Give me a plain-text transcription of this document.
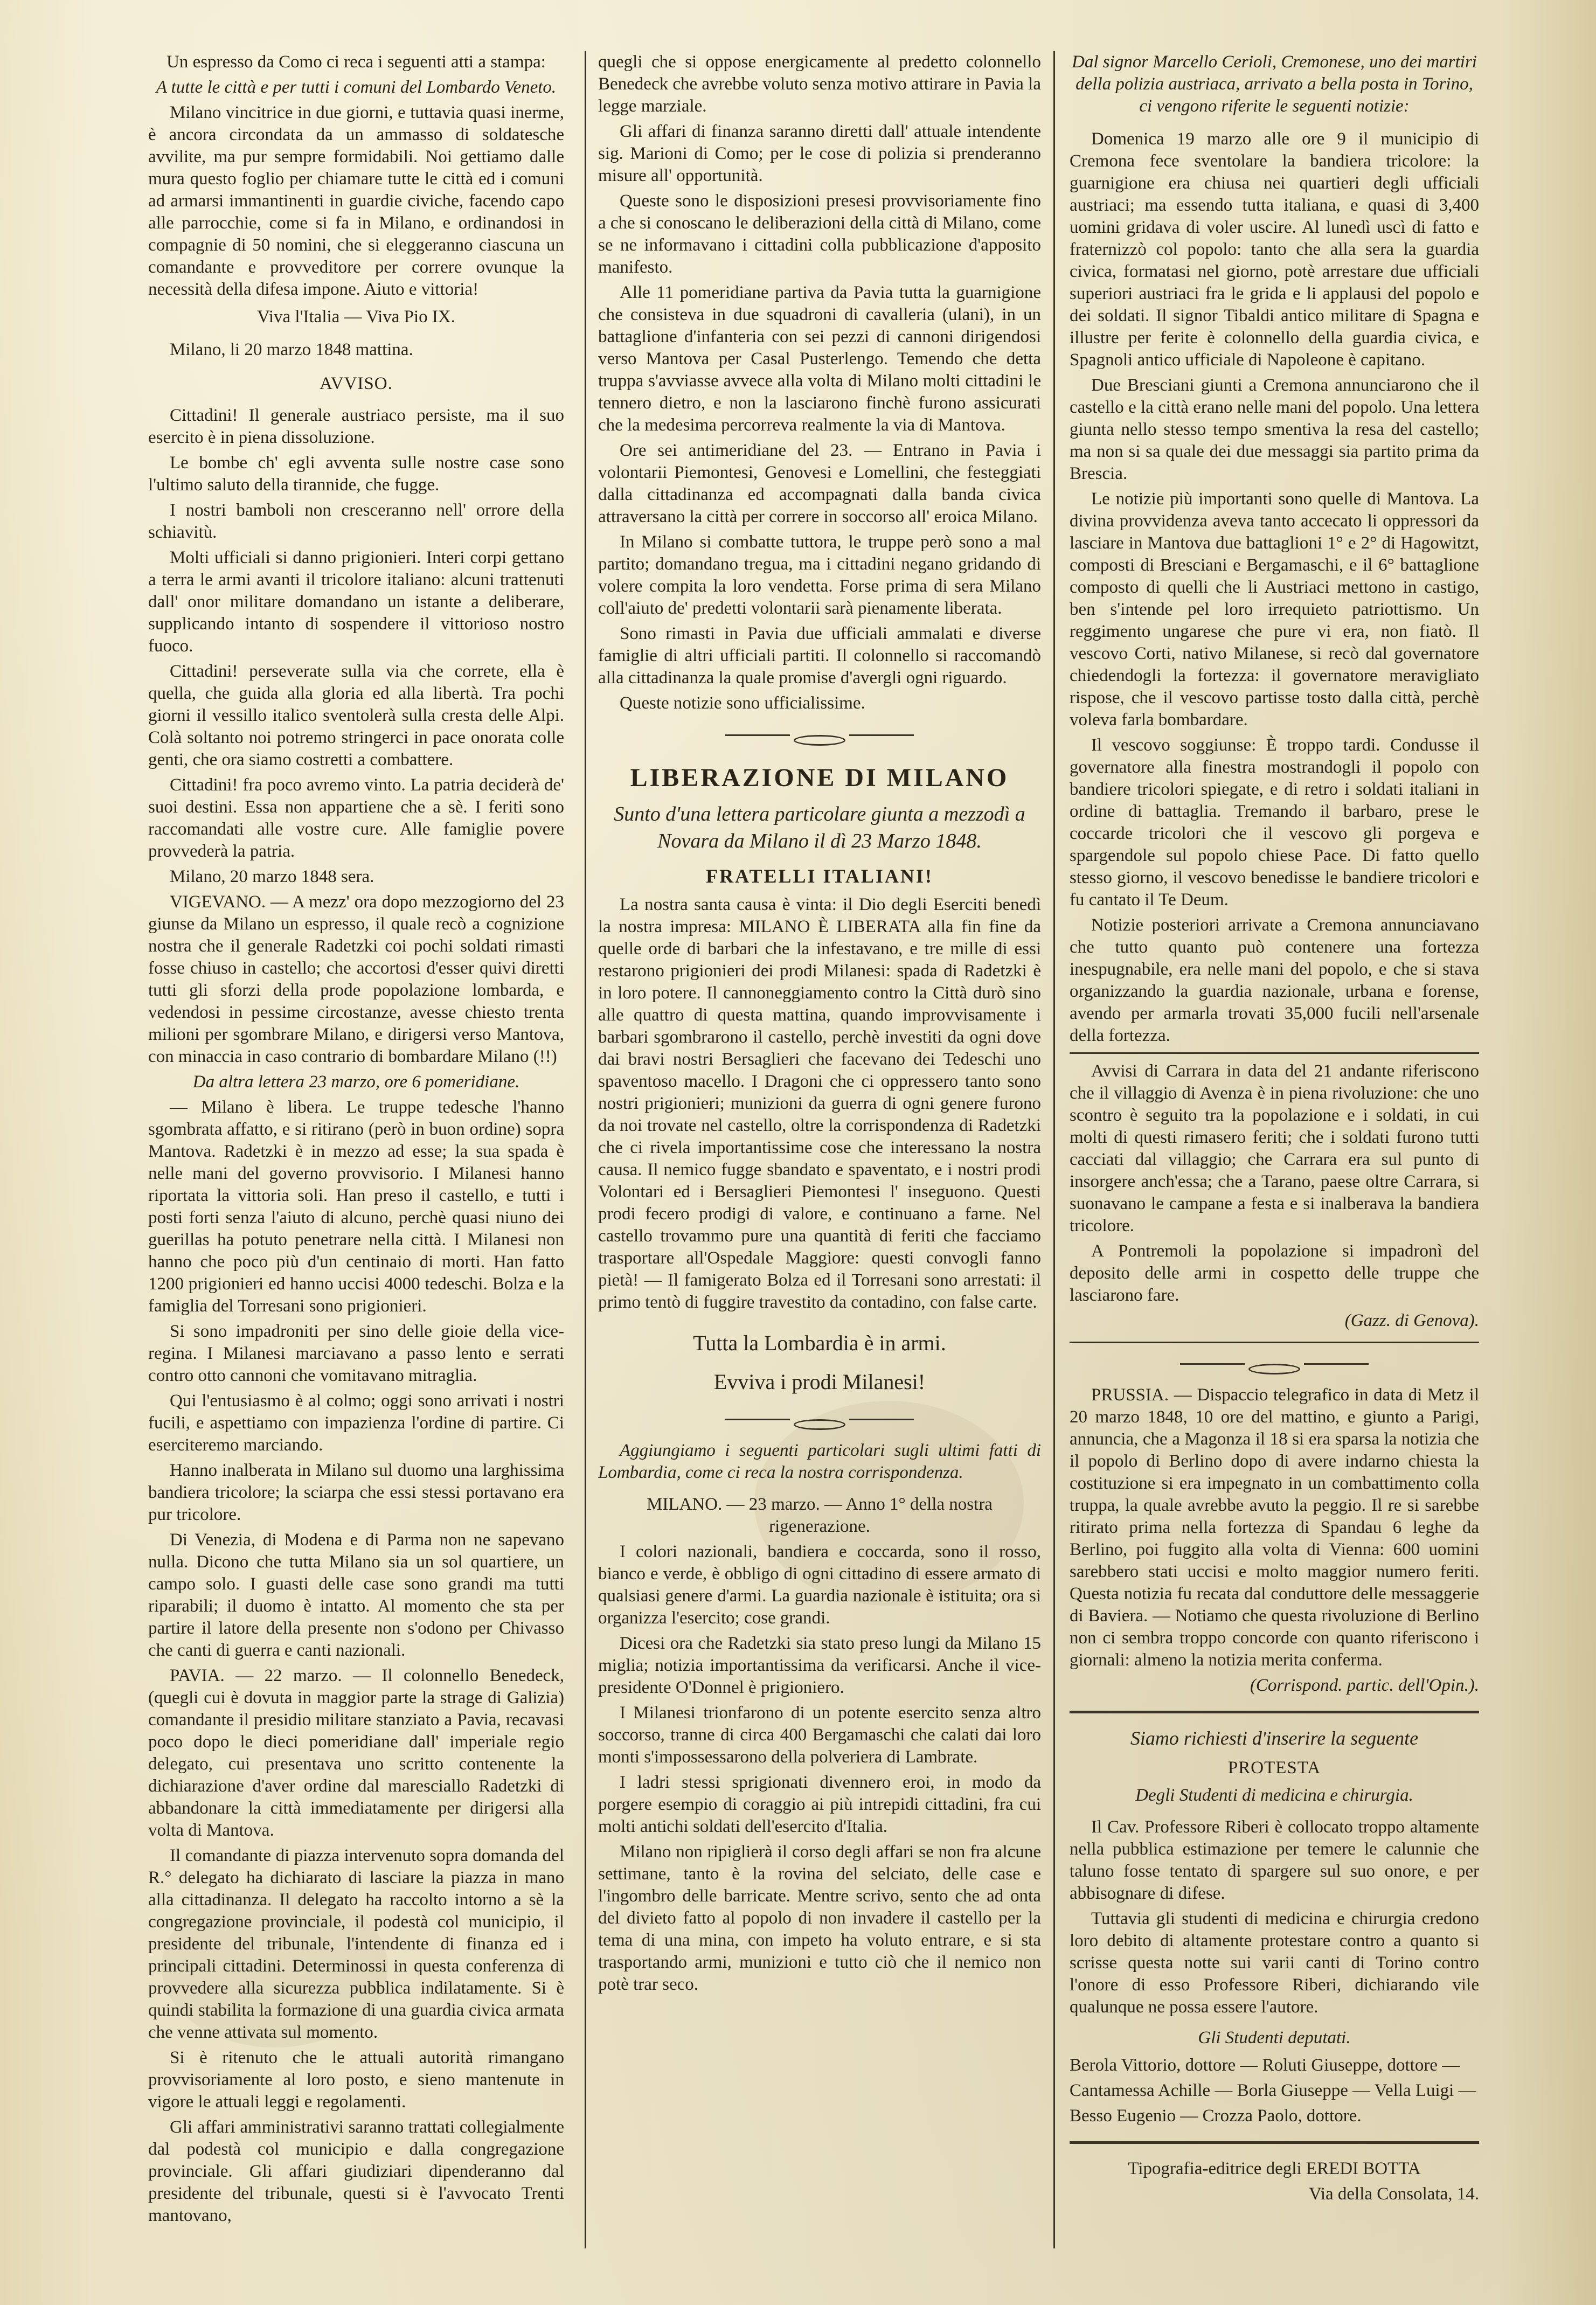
Un espresso da Como ci reca i seguenti atti a stampa:

A tutte le città e per tutti i comuni del Lombardo Veneto.

Milano vincitrice in due giorni, e tuttavia quasi inerme, è ancora circondata da un ammasso di soldatesche avvilite, ma pur sempre formidabili. Noi gettiamo dalle mura questo foglio per chiamare tutte le città ed i comuni ad armarsi immantinenti in guardie civiche, facendo capo alle parrocchie, come si fa in Milano, e ordinandosi in compagnie di 50 nomini, che si eleggeranno ciascuna un comandante e provveditore per correre ovunque la necessità della difesa impone. Aiuto e vittoria!

Viva l'Italia — Viva Pio IX.

Milano, li 20 marzo 1848 mattina.

AVVISO.

Cittadini! Il generale austriaco persiste, ma il suo esercito è in piena dissoluzione.

Le bombe ch' egli avventa sulle nostre case sono l'ultimo saluto della tirannide, che fugge.

I nostri bamboli non cresceranno nell' orrore della schiavitù.

Molti ufficiali si danno prigionieri. Interi corpi gettano a terra le armi avanti il tricolore italiano: alcuni trattenuti dall' onor militare domandano un istante a deliberare, supplicando intanto di sospendere il vittorioso nostro fuoco.

Cittadini! perseverate sulla via che correte, ella è quella, che guida alla gloria ed alla libertà. Tra pochi giorni il vessillo italico sventolerà sulla cresta delle Alpi. Colà soltanto noi potremo stringerci in pace onorata colle genti, che ora siamo costretti a combattere.

Cittadini! fra poco avremo vinto. La patria deciderà de' suoi destini. Essa non appartiene che a sè. I feriti sono raccomandati alle vostre cure. Alle famiglie povere provvederà la patria.

Milano, 20 marzo 1848 sera.

VIGEVANO. — A mezz' ora dopo mezzogiorno del 23 giunse da Milano un espresso, il quale recò a cognizione nostra che il generale Radetzki coi pochi soldati rimasti fosse chiuso in castello; che accortosi d'esser quivi diretti tutti gli sforzi della prode popolazione lombarda, e vedendosi in pessime circostanze, avesse chiesto trenta milioni per sgombrare Milano, e dirigersi verso Mantova, con minaccia in caso contrario di bombardare Milano (!!)

Da altra lettera 23 marzo, ore 6 pomeridiane.

— Milano è libera. Le truppe tedesche l'hanno sgombrata affatto, e si ritirano (però in buon ordine) sopra Mantova. Radetzki è in mezzo ad esse; la sua spada è nelle mani del governo provvisorio. I Milanesi hanno riportata la vittoria soli. Han preso il castello, e tutti i posti forti senza l'aiuto di alcuno, perchè quasi niuno dei guerillas ha potuto penetrare nella città. I Milanesi non hanno che poco più d'un centinaio di morti. Han fatto 1200 prigionieri ed hanno uccisi 4000 tedeschi. Bolza e la famiglia del Torresani sono prigionieri.

Si sono impadroniti per sino delle gioie della vice-regina. I Milanesi marciavano a passo lento e serrati contro otto cannoni che vomitavano mitraglia.

Qui l'entusiasmo è al colmo; oggi sono arrivati i nostri fucili, e aspettiamo con impazienza l'ordine di partire. Ci eserciteremo marciando.

Hanno inalberata in Milano sul duomo una larghissima bandiera tricolore; la sciarpa che essi stessi portavano era pur tricolore.

Di Venezia, di Modena e di Parma non ne sapevano nulla. Dicono che tutta Milano sia un sol quartiere, un campo solo. I guasti delle case sono grandi ma tutti riparabili; il duomo è intatto. Al momento che sta per partire il latore della presente non s'odono per Chivasso che canti di guerra e canti nazionali.

PAVIA. — 22 marzo. — Il colonnello Benedeck, (quegli cui è dovuta in maggior parte la strage di Galizia) comandante il presidio militare stanziato a Pavia, recavasi poco dopo le dieci pomeridiane dall' imperiale regio delegato, cui presentava uno scritto contenente la dichiarazione d'aver ordine dal maresciallo Radetzki di abbandonare la città immediatamente per dirigersi alla volta di Mantova.

Il comandante di piazza intervenuto sopra domanda del R.° delegato ha dichiarato di lasciare la piazza in mano alla cittadinanza. Il delegato ha raccolto intorno a sè la congregazione provinciale, il podestà col municipio, il presidente del tribunale, l'intendente di finanza ed i principali cittadini. Determinossi in questa conferenza di provvedere alla sicurezza pubblica indilatamente. Si è quindi stabilita la formazione di una guardia civica armata che venne attivata sul momento.

Si è ritenuto che le attuali autorità rimangano provvisoriamente al loro posto, e sieno mantenute in vigore le attuali leggi e regolamenti.

Gli affari amministrativi saranno trattati collegialmente dal podestà col municipio e dalla congregazione provinciale. Gli affari giudiziari dipenderanno dal presidente del tribunale, questi si è l'avvocato Trenti mantovano,

quegli che si oppose energicamente al predetto colonnello Benedeck che avrebbe voluto senza motivo attirare in Pavia la legge marziale.

Gli affari di finanza saranno diretti dall' attuale intendente sig. Marioni di Como; per le cose di polizia si prenderanno misure all' opportunità.

Queste sono le disposizioni presesi provvisoriamente fino a che si conoscano le deliberazioni della città di Milano, come se ne informavano i cittadini colla pubblicazione d'apposito manifesto.

Alle 11 pomeridiane partiva da Pavia tutta la guarnigione che consisteva in due squadroni di cavalleria (ulani), in un battaglione d'infanteria con sei pezzi di cannoni dirigendosi verso Mantova per Casal Pusterlengo. Temendo che detta truppa s'avviasse avvece alla volta di Milano molti cittadini le tennero dietro, e non la lasciarono finchè furono assicurati che la medesima percorreva realmente la via di Mantova.

Ore sei antimeridiane del 23. — Entrano in Pavia i volontarii Piemontesi, Genovesi e Lomellini, che festeggiati dalla cittadinanza ed accompagnati dalla banda civica attraversano la città per correre in soccorso all' eroica Milano.

In Milano si combatte tuttora, le truppe però sono a mal partito; domandano tregua, ma i cittadini negano gridando di volere compita la loro vendetta. Forse prima di sera Milano coll'aiuto de' predetti volontarii sarà pienamente liberata.

Sono rimasti in Pavia due ufficiali ammalati e diverse famiglie di altri ufficiali partiti. Il colonnello si raccomandò alla cittadinanza la quale promise d'avergli ogni riguardo.

Queste notizie sono ufficialissime.

LIBERAZIONE DI MILANO
Sunto d'una lettera particolare giunta a mezzodì a Novara da Milano il dì 23 Marzo 1848.
FRATELLI ITALIANI!

La nostra santa causa è vinta: il Dio degli Eserciti benedì la nostra impresa: MILANO È LIBERATA alla fin fine da quelle orde di barbari che la infestavano, e tre mille di essi restarono prigionieri dei prodi Milanesi: spada di Radetzki è in loro potere. Il cannoneggiamento contro la Città durò sino alle quattro di questa mattina, quando improvvisamente i barbari sgombrarono il castello, perchè investiti da ogni dove dai bravi nostri Bersaglieri che facevano dei Tedeschi uno spaventoso macello. I Dragoni che ci oppressero tanto sono nostri prigionieri; munizioni da guerra di ogni genere furono da noi trovate nel castello, oltre la corrispondenza di Radetzki che ci rivela importantissime cose che interessano la nostra causa. Il nemico fugge sbandato e spaventato, e i nostri prodi Volontari ed i Bersaglieri Piemontesi l' inseguono. Questi prodi fecero prodigi di valore, e continuano a farne. Nel castello trovammo pure una quantità di feriti che facciamo trasportare all'Ospedale Maggiore: questi convogli fanno pietà! — Il famigerato Bolza ed il Torresani sono arrestati: il primo tentò di fuggire travestito da contadino, con false carte.

Tutta la Lombardia è in armi.
Evviva i prodi Milanesi!

Aggiungiamo i seguenti particolari sugli ultimi fatti di Lombardia, come ci reca la nostra corrispondenza.

MILANO. — 23 marzo. — Anno 1° della nostra rigenerazione.

I colori nazionali, bandiera e coccarda, sono il rosso, bianco e verde, è obbligo di ogni cittadino di essere armato di qualsiasi genere d'armi. La guardia nazionale è istituita; ora si organizza l'esercito; cose grandi.

Dicesi ora che Radetzki sia stato preso lungi da Milano 15 miglia; notizia importantissima da verificarsi. Anche il vice-presidente O'Donnel è prigioniero.

I Milanesi trionfarono di un potente esercito senza altro soccorso, tranne di circa 400 Bergamaschi che calati dai loro monti s'impossessarono della polveriera di Lambrate.

I ladri stessi sprigionati divennero eroi, in modo da porgere esempio di coraggio ai più intrepidi cittadini, fra cui molti antichi soldati dell'esercito d'Italia.

Milano non ripiglierà il corso degli affari se non fra alcune settimane, tanto è la rovina del selciato, delle case e l'ingombro delle barricate. Mentre scrivo, sento che ad onta del divieto fatto al popolo di non invadere il castello per la tema di una mina, con impeto ha voluto entrare, e si sta trasportando armi, munizioni e tutto ciò che il nemico non potè trar seco.

Dal signor Marcello Cerioli, Cremonese, uno dei martiri della polizia austriaca, arrivato a bella posta in Torino, ci vengono riferite le seguenti notizie:

Domenica 19 marzo alle ore 9 il municipio di Cremona fece sventolare la bandiera tricolore: la guarnigione era chiusa nei quartieri degli ufficiali austriaci; ma essendo tutta italiana, e quasi di 3,400 uomini gridava di voler uscire. Al lunedì uscì di fatto e fraternizzò col popolo: tanto che alla sera la guardia civica, formatasi nel giorno, potè arrestare due ufficiali superiori austriaci fra le grida e li applausi del popolo e dei soldati. Il signor Tibaldi antico militare di Spagna e illustre per ferite è colonnello della guardia civica, e Spagnoli antico ufficiale di Napoleone è capitano.

Due Bresciani giunti a Cremona annunciarono che il castello e la città erano nelle mani del popolo. Una lettera giunta nello stesso tempo smentiva la resa del castello; ma non si sa quale dei due messaggi sia partito prima da Brescia.

Le notizie più importanti sono quelle di Mantova. La divina provvidenza aveva tanto accecato li oppressori da lasciare in Mantova due battaglioni 1° e 2° di Hagowitzt, composti di Bresciani e Bergamaschi, e il 6° battaglione composto di quelli che li Austriaci mettono in castigo, ben s'intende pel loro irrequieto patriottismo. Un reggimento ungarese che pure vi era, non fiatò. Il vescovo Corti, nativo Milanese, si recò dal governatore chiedendogli la fortezza: il governatore meravigliato rispose, che il vescovo partisse tosto dalla città, perchè voleva farla bombardare.

Il vescovo soggiunse: È troppo tardi. Condusse il governatore alla finestra mostrandogli il popolo con bandiere tricolori spiegate, e di retro i soldati italiani in ordine di battaglia. Tremando il barbaro, prese le coccarde tricolori che il vescovo gli porgeva e spargendole sul popolo chiese Pace. Di fatto quello stesso giorno, il vescovo benedisse le bandiere tricolori e fu cantato il Te Deum.

Notizie posteriori arrivate a Cremona annunciavano che tutto quanto può contenere una fortezza inespugnabile, era nelle mani del popolo, e che si stava organizzando la guardia nazionale, urbana e forense, avendo per armarla trovati 35,000 fucili nell'arsenale della fortezza.

Avvisi di Carrara in data del 21 andante riferiscono che il villaggio di Avenza è in piena rivoluzione: che uno scontro è seguito tra la popolazione e i soldati, in cui molti di questi rimasero feriti; che i soldati furono tutti cacciati dal villaggio; che Carrara era sul punto di insorgere anch'essa; che a Tarano, paese oltre Carrara, si suonavano le campane a festa e si inalberava la bandiera tricolore.

A Pontremoli la popolazione si impadronì del deposito delle armi in cospetto delle truppe che lasciarono fare.

(Gazz. di Genova).

PRUSSIA. — Dispaccio telegrafico in data di Metz il 20 marzo 1848, 10 ore del mattino, e giunto a Parigi, annuncia, che a Magonza il 18 si era sparsa la notizia che il popolo di Berlino dopo di avere indarno chiesta la costituzione si era impegnato in un combattimento colla truppa, la quale avrebbe avuto la peggio. Il re si sarebbe ritirato prima nella fortezza di Spandau 6 leghe da Berlino, poi fuggito alla volta di Vienna: 600 uomini sarebbero stati uccisi e molto maggior numero feriti. Questa notizia fu recata dal conduttore delle messaggerie di Baviera. — Notiamo che questa rivoluzione di Berlino non ci sembra troppo concorde con quanto riferiscono i giornali: almeno la notizia merita conferma.

(Corrispond. partic. dell'Opin.).

Siamo richiesti d'inserire la seguente

PROTESTA

Degli Studenti di medicina e chirurgia.

Il Cav. Professore Riberi è collocato troppo altamente nella pubblica estimazione per temere le calunnie che taluno fosse tentato di spargere sul suo onore, e per abbisognare di difese.

Tuttavia gli studenti di medicina e chirurgia credono loro debito di altamente protestare contro a quanto si scrisse questa notte sui varii canti di Torino contro l'onore di esso Professore Riberi, dichiarando vile qualunque ne possa essere l'autore.

Gli Studenti deputati.

Berola Vittorio, dottore — Roluti Giuseppe, dottore —

Cantamessa Achille — Borla Giuseppe — Vella Luigi —

Besso Eugenio — Crozza Paolo, dottore.

Tipografia-editrice degli EREDI BOTTA

Via della Consolata, 14.
